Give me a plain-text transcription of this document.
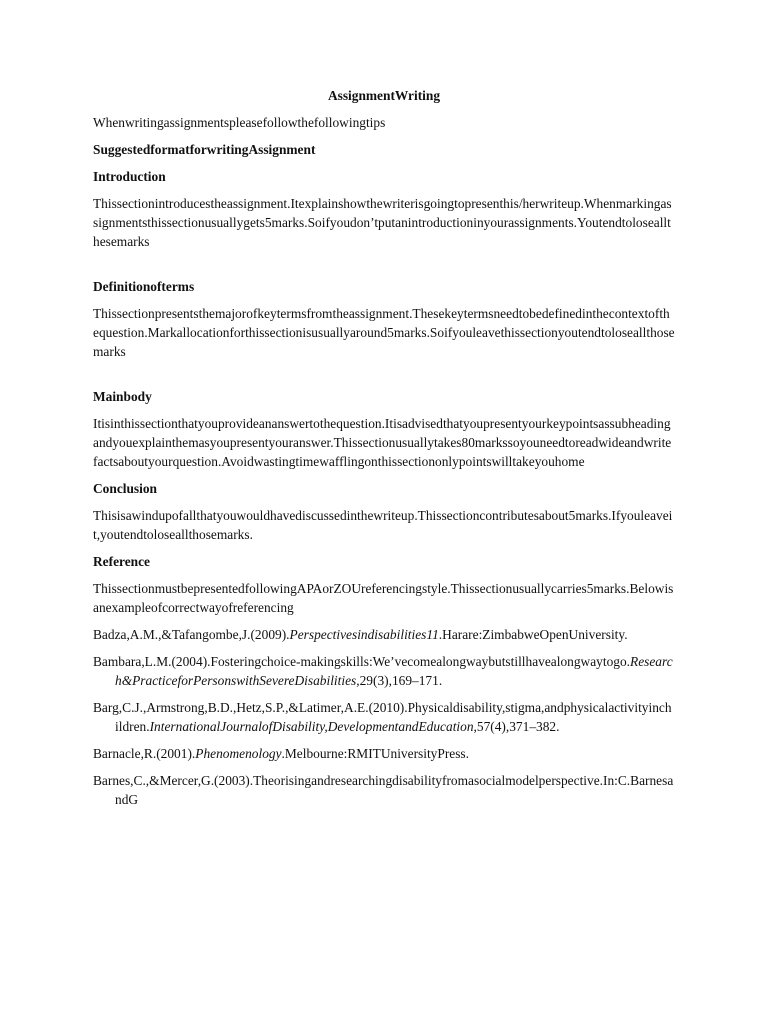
AssignmentWriting
Whenwritingassignmentspleasefollowthefollowingtips
SuggestedformatforwritingAssignment
Introduction
Thissectionintroducestheassignment.Itexplainshowthewriterisgoingtopresenthis/herwriteup.Whenmarkingassignmentsthissectionusuallygets5marks.Soifyoudon’tputanintroductioninyourassignments.Youtendtoloseallthesemarks
Definitionofterms
Thissectionpresentsthemajorofkeytermsfromtheassignment.Thesekeytermsneedtobedefinedinthecontextofthequestion.Markallocationforthissectionisusuallyaround5marks.Soifyouleavethissectionyoutendtoloseallthosemarks
Mainbody
Itisinthissectionthatyouprovideananswertothequestion.Itisadvisedthatyoupresentyourkeypointsassubheadingandyouexplainthemasyoupresentyouranswer.Thissectionusuallytakes80markssoyouneedtoreadwideandwritefactsaboutyourquestion.Avoidwastingtimewafflingonthissectiononlypointswilltakeyouhome
Conclusion
Thisisawindupofallthatyouwouldhavediscussedinthewriteup.Thissectioncontributesabout5marks.Ifyouleaveit,youtendtoloseallthosemarks.
Reference
ThissectionmustbepresentedfollowingAPAorZOUreferencingstyle.Thissectionusuallycarries5marks.Belowisanexampleofcorrectwayofreferencing
Badza,A.M.,&Tafangombe,J.(2009).Perspectivesindisabilities11.Harare:ZimbabweOpenUniversity.
Bambara,L.M.(2004).Fosteringchoice-makingskills:We’vecomealongwaybutstillhavealongwaytogo.Research&PracticeforPersonswithSevereDisabilities,29(3),169–171.
Barg,C.J.,Armstrong,B.D.,Hetz,S.P.,&Latimer,A.E.(2010).Physicaldisability,stigma,andphysicalactivityinchildren.InternationalJournalofDisability,DevelopmentandEducation,57(4),371–382.
Barnacle,R.(2001).Phenomenology.Melbourne:RMITUniversityPress.
Barnes,C.,&Mercer,G.(2003).Theorisingandresearchingdisabilityfromasocialmodelperspective.In:C.BarnesandG
